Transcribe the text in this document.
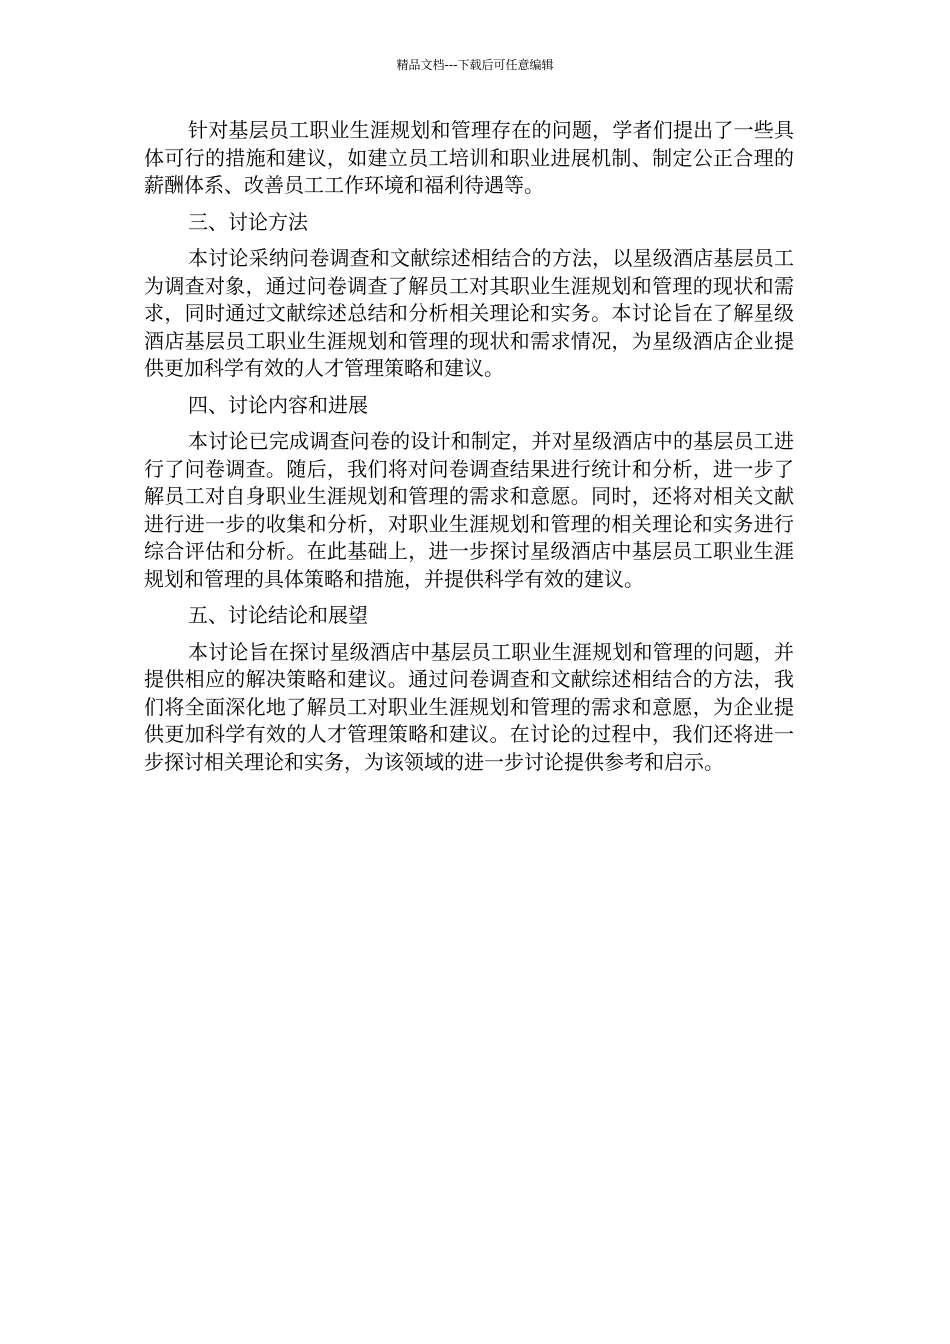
精品文档---下载后可任意编辑

针对基层员工职业生涯规划和管理存在的问题，学者们提出了一些具体可行的措施和建议，如建立员工培训和职业进展机制、制定公正合理的薪酬体系、改善员工工作环境和福利待遇等。

三、讨论方法

本讨论采纳问卷调查和文献综述相结合的方法，以星级酒店基层员工为调查对象，通过问卷调查了解员工对其职业生涯规划和管理的现状和需求，同时通过文献综述总结和分析相关理论和实务。本讨论旨在了解星级酒店基层员工职业生涯规划和管理的现状和需求情况，为星级酒店企业提供更加科学有效的人才管理策略和建议。

四、讨论内容和进展

本讨论已完成调查问卷的设计和制定，并对星级酒店中的基层员工进行了问卷调查。随后，我们将对问卷调查结果进行统计和分析，进一步了解员工对自身职业生涯规划和管理的需求和意愿。同时，还将对相关文献进行进一步的收集和分析，对职业生涯规划和管理的相关理论和实务进行综合评估和分析。在此基础上，进一步探讨星级酒店中基层员工职业生涯规划和管理的具体策略和措施，并提供科学有效的建议。

五、讨论结论和展望

本讨论旨在探讨星级酒店中基层员工职业生涯规划和管理的问题，并提供相应的解决策略和建议。通过问卷调查和文献综述相结合的方法，我们将全面深化地了解员工对职业生涯规划和管理的需求和意愿，为企业提供更加科学有效的人才管理策略和建议。在讨论的过程中，我们还将进一步探讨相关理论和实务，为该领域的进一步讨论提供参考和启示。
